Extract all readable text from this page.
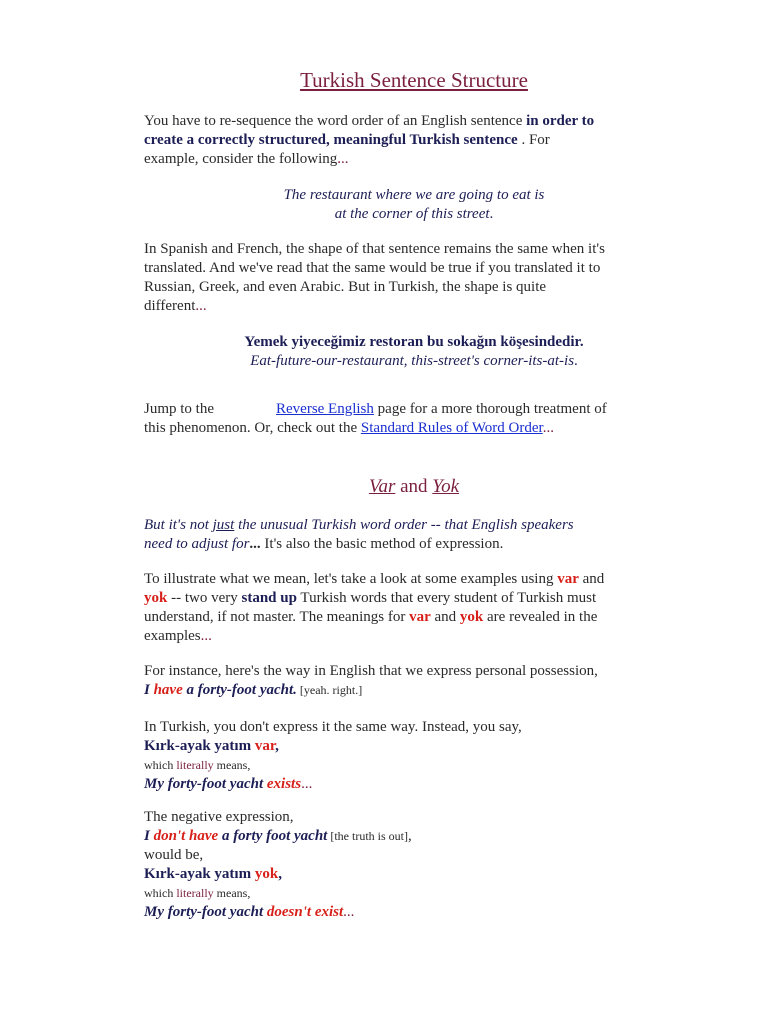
Turkish Sentence Structure
You have to re-sequence the word order of an English sentence in order to
create a correctly structured, meaningful Turkish sentence . For
example, consider the following...
The restaurant where we are going to eat is
at the corner of this street.
In Spanish and French, the shape of that sentence remains the same when it's
translated. And we've read that the same would be true if you translated it to
Russian, Greek, and even Arabic. But in Turkish, the shape is quite
different...
Yemek yiyeceğimiz restoran bu sokağın köşesindedir.
Eat-future-our-restaurant, this-street's corner-its-at-is.
Jump to the	Reverse English page for a more thorough treatment of
this phenomenon. Or, check out the Standard Rules of Word Order...
Var and Yok
But it's not just the unusual Turkish word order -- that English speakers
need to adjust for... It's also the basic method of expression.
To illustrate what we mean, let's take a look at some examples using var and
yok -- two very stand up Turkish words that every student of Turkish must
understand, if not master. The meanings for var and yok are revealed in the
examples...
For instance, here's the way in English that we express personal possession,
I have a forty-foot yacht. [yeah. right.]
In Turkish, you don't express it the same way. Instead, you say,
Kırk-ayak yatım var,
which literally means,
My forty-foot yacht exists...
The negative expression,
I don't have a forty foot yacht [the truth is out],
would be,
Kırk-ayak yatım yok,
which literally means,
My forty-foot yacht doesn't exist...
